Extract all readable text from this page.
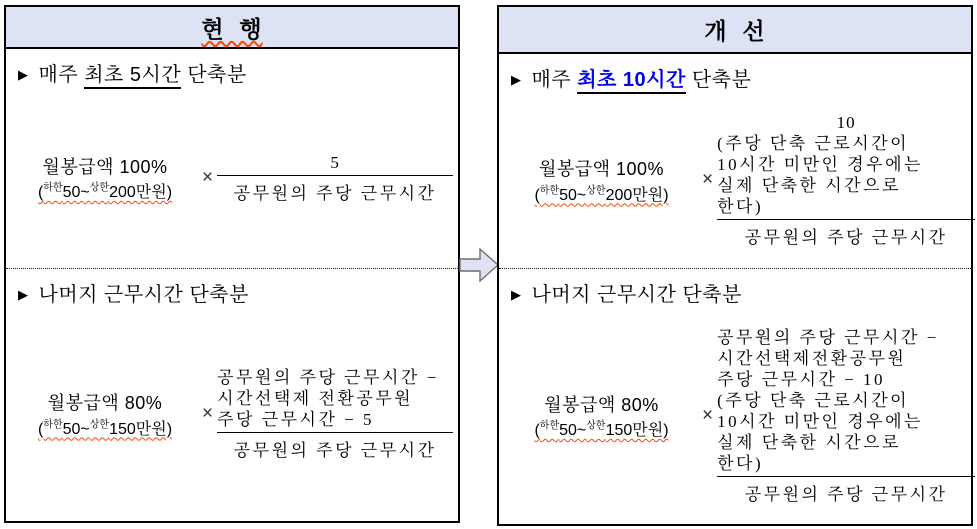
현  행
▶ 매주 최초 5시간 단축분
월봉급액 100%
($^{하한}$50~$^{상한}$200만원)
× $\frac{5}{\text{공무원의 주당 근무시간}}$
▶ 나머지 근무시간 단축분
월봉급액 80%
($^{하한}$50~$^{상한}$150만원)
×
공무원의 주당 근무시간 −
시간선택제 전환공무원
주당 근무시간 − 5
공무원의 주당 근무시간
개  선
▶ 매주 최초 10시간 단축분
월봉급액 100%
($^{하한}$50~$^{상한}$200만원)
×
10
(주당 단축 근로시간이
10시간 미만인 경우에는
실제 단축한 시간으로
한다)
공무원의 주당 근무시간
▶ 나머지 근무시간 단축분
월봉급액 80%
($^{하한}$50~$^{상한}$150만원)
×
공무원의 주당 근무시간 −
시간선택제전환공무원
주당 근무시간 − 10
(주당 단축 근로시간이
10시간 미만인 경우에는
실제 단축한 시간으로
한다)
공무원의 주당 근무시간
